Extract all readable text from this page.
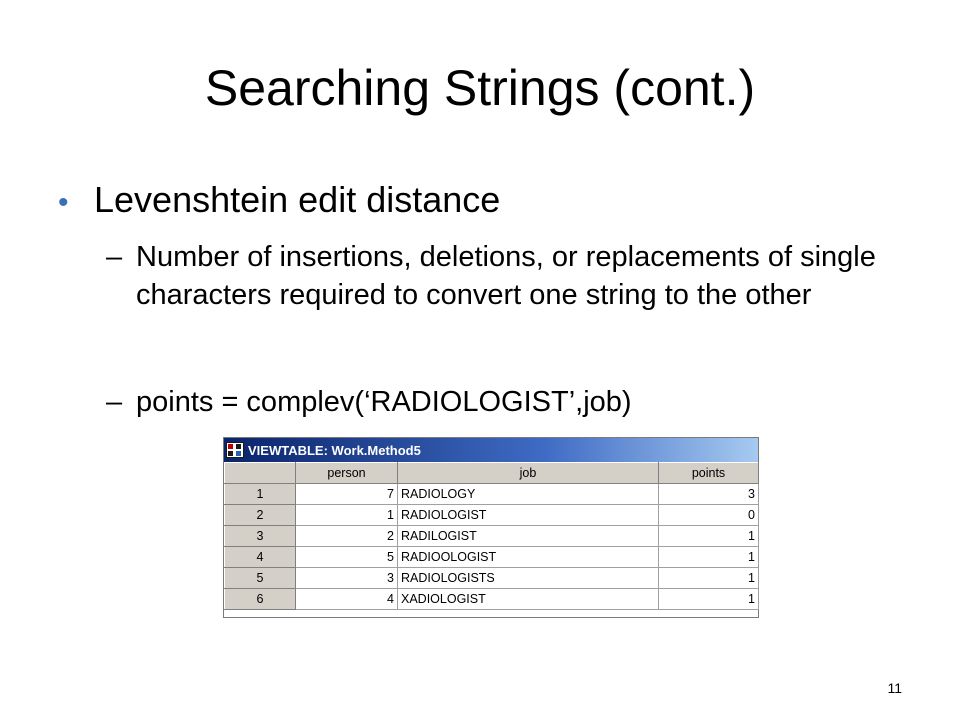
Searching Strings (cont.)
• Levenshtein edit distance
– Number of insertions, deletions, or replacements of single characters required to convert one string to the other
– points = complev(‘RADIOLOGIST’,job)
VIEWTABLE: Work.Method5
	person	job	points
1	7	RADIOLOGY	3
2	1	RADIOLOGIST	0
3	2	RADILOGIST	1
4	5	RADIOOLOGIST	1
5	3	RADIOLOGISTS	1
6	4	XADIOLOGIST	1
11
